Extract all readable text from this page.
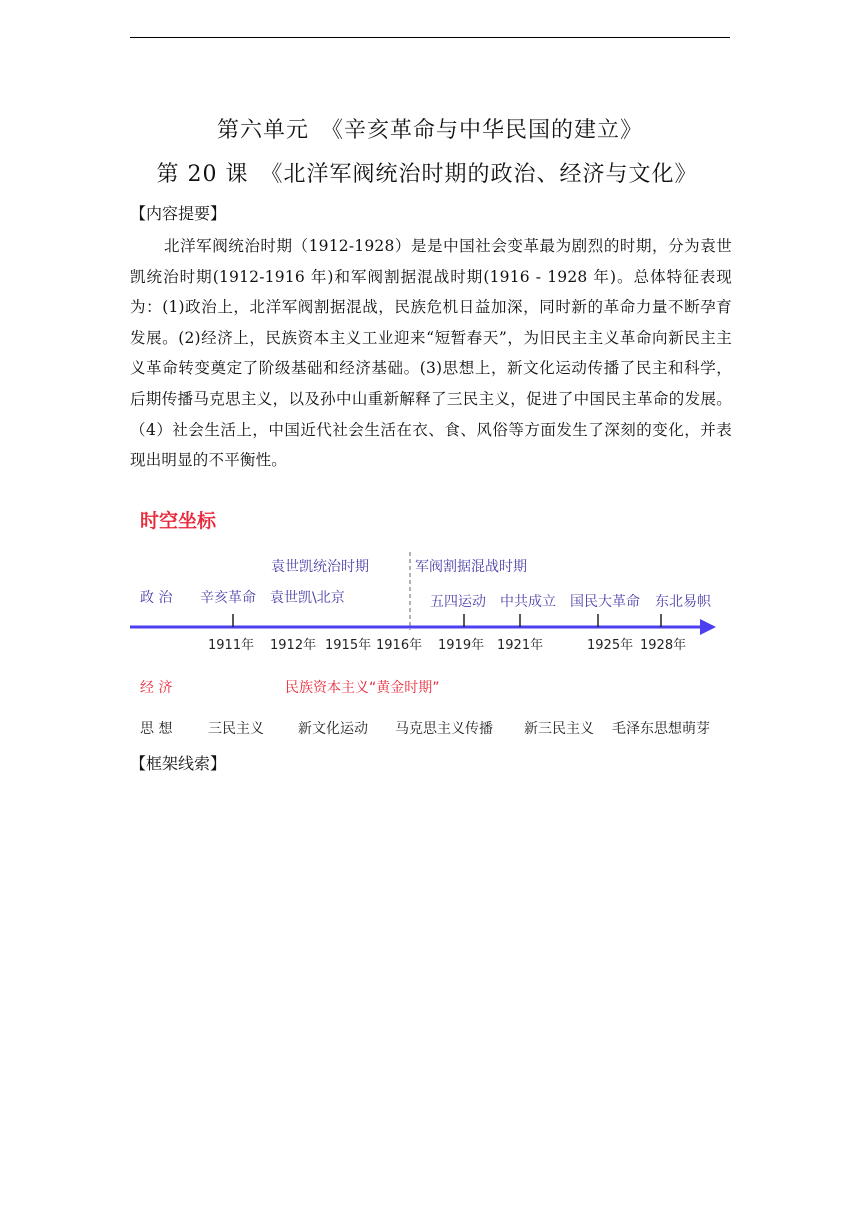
第六单元　《辛亥革命与中华民国的建立》
第 20 课　《北洋军阀统治时期的政治、经济与文化》
【内容提要】
北洋军阀统治时期（1912-1928）是是中国社会变革最为剧烈的时期，分为袁世凯统治时期(1912-1916 年)和军阀割据混战时期(1916 - 1928 年)。总体特征表现为：(1)政治上，北洋军阀割据混战，民族危机日益加深，同时新的革命力量不断孕育发展。(2)经济上，民族资本主义工业迎来“短暂春天”，为旧民主主义革命向新民主主义革命转变奠定了阶级基础和经济基础。(3)思想上，新文化运动传播了民主和科学，后期传播马克思主义，以及孙中山重新解释了三民主义，促进了中国民主革命的发展。（4）社会生活上，中国近代社会生活在衣、食、风俗等方面发生了深刻的变化，并表现出明显的不平衡性。
时空坐标
袁世凯统治时期	军阀割据混战时期
政 治 辛亥革命 袁世凯\北京	五四运动 中共成立 国民大革命 东北易帜
1911年 1912年 1915年 1916年 1919年 1921年	1925年 1928年
经 济	民族资本主义“黄金时期”
思 想	三民主义 新文化运动 马克思主义传播 新三民主义 毛泽东思想萌芽
【框架线索】
